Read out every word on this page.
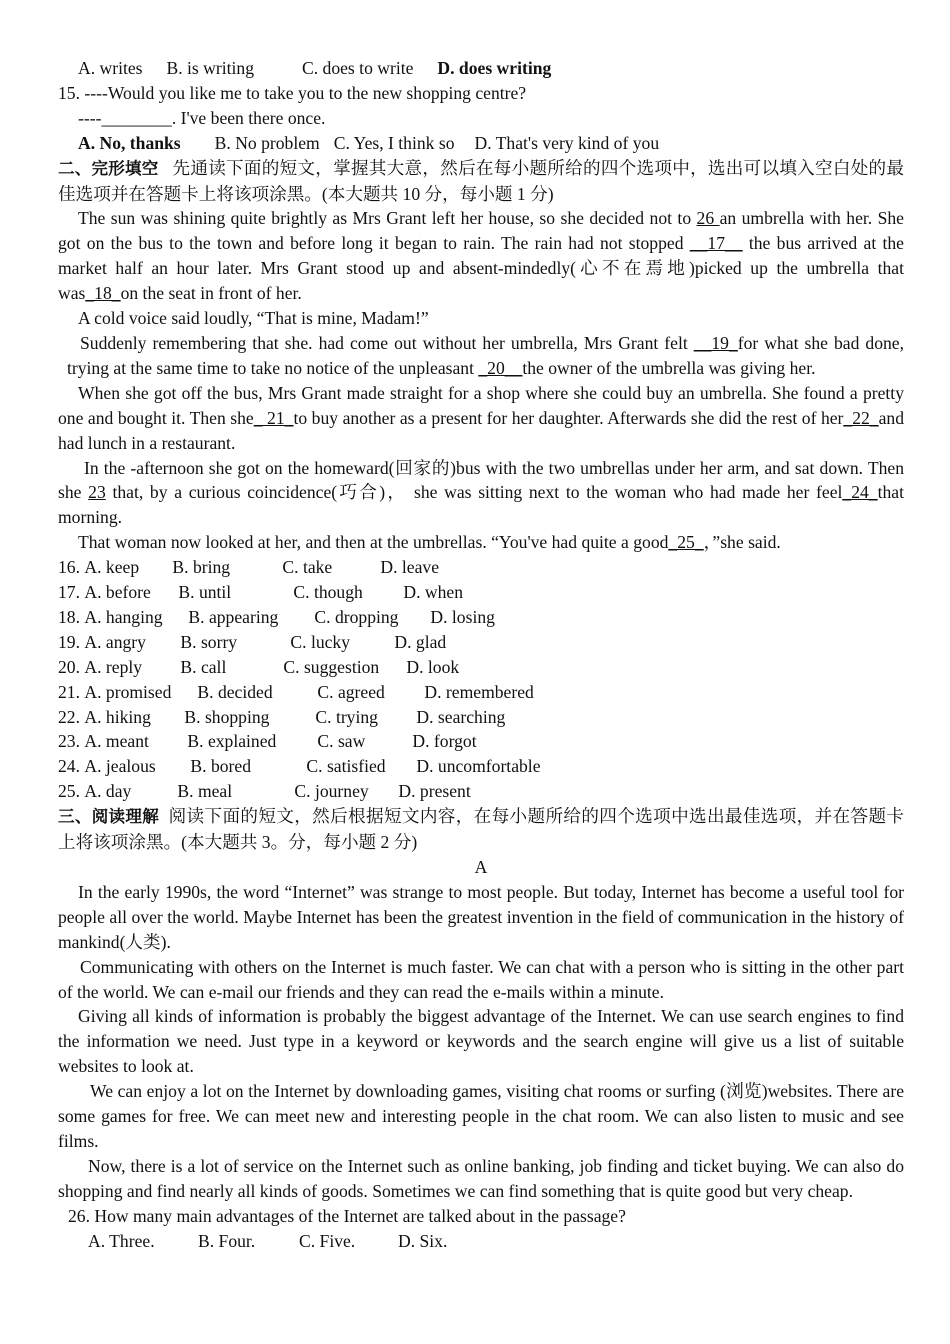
A. writes B. is writing	C. does to write D. does writing
15. ----Would you like me to take you to the new shopping centre?
----________. I've been there once.
A. No, thanks B. No problem C. Yes, I think so D. That's very kind of you
二、完形填空 先通读下面的短文，掌握其大意，然后在每小题所给的四个选项中，选出可以填入空白处的最佳选项并在答题卡上将该项涂黑。(本大题共 10 分，每小题 1 分)
The sun was shining quite brightly as Mrs Grant left her house, so she decided not to 26 an umbrella with her. She got on the bus to the town and before long it began to rain. The rain had not stopped __17__ the bus arrived at the market half an hour later. Mrs Grant stood up and absent-mindedly(心不在焉地)picked up the umbrella that was_18_on the seat in front of her.
A cold voice said loudly, “That is mine, Madam!”
Suddenly remembering that she. had come out without her umbrella, Mrs Grant felt __19_for what she bad done, trying at the same time to take no notice of the unpleasant _20__the owner of the umbrella was giving her.
When she got off the bus, Mrs Grant made straight for a shop where she could buy an umbrella. She found a pretty one and bought it. Then she_ 21_to buy another as a present for her daughter. Afterwards she did the rest of her_22_and had lunch in a restaurant.
In the -afternoon she got on the homeward(回家的)bus with the two umbrellas under her arm, and sat down. Then she 23 that, by a curious coincidence(巧合)， she was sitting next to the woman who had made her feel_24_that morning.
That woman now looked at her, and then at the umbrellas. “You've had quite a good_25_，”she said.
16. A. keep B. bring	C. take	D. leave
17. A. before B. until	C. though D. when
18. A. hanging B. appearing C. dropping D. losing
19. A. angry B. sorry	C. lucky	D. glad
20. A. reply B. call	C. suggestion D. look
21. A. promised B. decided	C. agreed D. remembered
22. A. hiking B. shopping	C. trying D. searching
23. A. meant B. explained C. saw	D. forgot
24. A. jealous B. bored	C. satisfied D. uncomfortable
25. A. day	B. meal	C. journey D. present
三、阅读理解 阅读下面的短文，然后根据短文内容，在每小题所给的四个选项中选出最佳选项，并在答题卡上将该项涂黑。(本大题共 3。分，每小题 2 分)
A
In the early 1990s, the word “Internet” was strange to most people. But today, Internet has become a useful tool for people all over the world. Maybe Internet has been the greatest invention in the field of communication in the history of mankind(人类).
Communicating with others on the Internet is much faster. We can chat with a person who is sitting in the other part of the world. We can e-mail our friends and they can read the e-mails within a minute.
Giving all kinds of information is probably the biggest advantage of the Internet. We can use search engines to find the information we need. Just type in a keyword or keywords and the search engine will give us a list of suitable websites to look at.
We can enjoy a lot on the Internet by downloading games, visiting chat rooms or surfing (浏览)websites. There are some games for free. We can meet new and interesting people in the chat room. We can also listen to music and see films.
Now, there is a lot of service on the Internet such as online banking, job finding and ticket buying. We can also do shopping and find nearly all kinds of goods. Sometimes we can find something that is quite good but very cheap.
26. How many main advantages of the Internet are talked about in the passage?
A. Three. B. Four. C. Five. D. Six.
